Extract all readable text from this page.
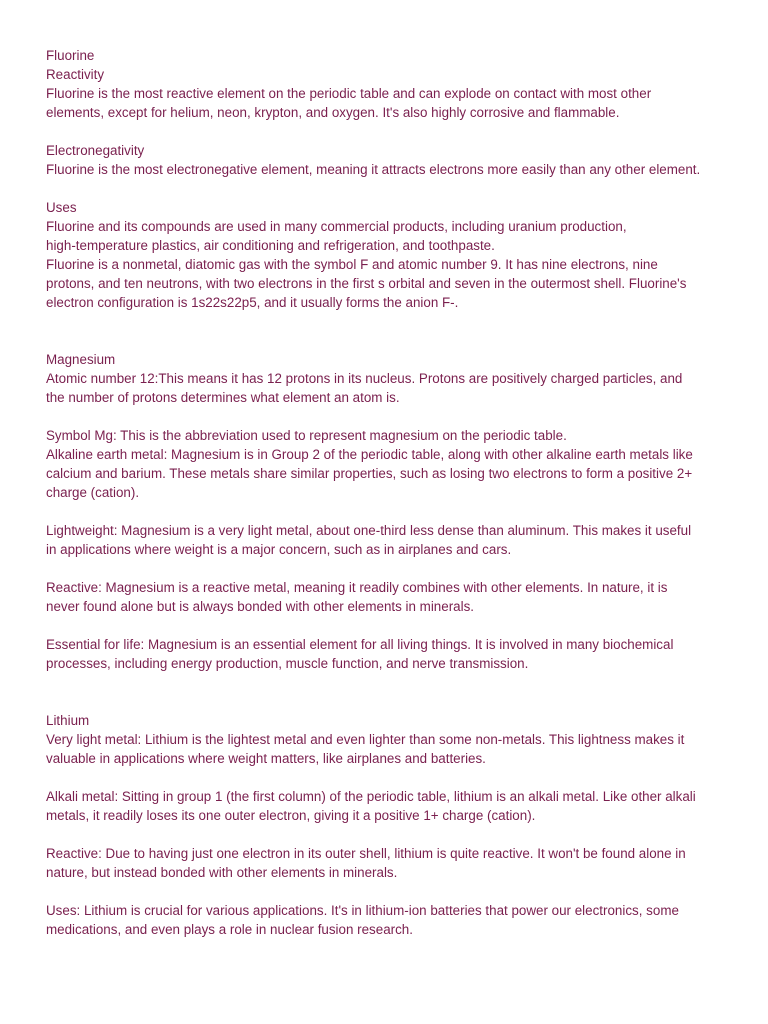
Fluorine
Reactivity
Fluorine is the most reactive element on the periodic table and can explode on contact with most other
elements, except for helium, neon, krypton, and oxygen. It's also highly corrosive and flammable.
Electronegativity
Fluorine is the most electronegative element, meaning it attracts electrons more easily than any other element.
Uses
Fluorine and its compounds are used in many commercial products, including uranium production,
high-temperature plastics, air conditioning and refrigeration, and toothpaste.
Fluorine is a nonmetal, diatomic gas with the symbol F and atomic number 9. It has nine electrons, nine
protons, and ten neutrons, with two electrons in the first s orbital and seven in the outermost shell. Fluorine's
electron configuration is 1s22s22p5, and it usually forms the anion F-.
Magnesium
Atomic number 12:This means it has 12 protons in its nucleus. Protons are positively charged particles, and
the number of protons determines what element an atom is.
Symbol Mg: This is the abbreviation used to represent magnesium on the periodic table.
Alkaline earth metal: Magnesium is in Group 2 of the periodic table, along with other alkaline earth metals like
calcium and barium. These metals share similar properties, such as losing two electrons to form a positive 2+
charge (cation).
Lightweight: Magnesium is a very light metal, about one-third less dense than aluminum. This makes it useful
in applications where weight is a major concern, such as in airplanes and cars.
Reactive: Magnesium is a reactive metal, meaning it readily combines with other elements. In nature, it is
never found alone but is always bonded with other elements in minerals.
Essential for life: Magnesium is an essential element for all living things. It is involved in many biochemical
processes, including energy production, muscle function, and nerve transmission.
Lithium
Very light metal: Lithium is the lightest metal and even lighter than some non-metals. This lightness makes it
valuable in applications where weight matters, like airplanes and batteries.
Alkali metal: Sitting in group 1 (the first column) of the periodic table, lithium is an alkali metal. Like other alkali
metals, it readily loses its one outer electron, giving it a positive 1+ charge (cation).
Reactive: Due to having just one electron in its outer shell, lithium is quite reactive. It won't be found alone in
nature, but instead bonded with other elements in minerals.
Uses: Lithium is crucial for various applications. It's in lithium-ion batteries that power our electronics, some
medications, and even plays a role in nuclear fusion research.
